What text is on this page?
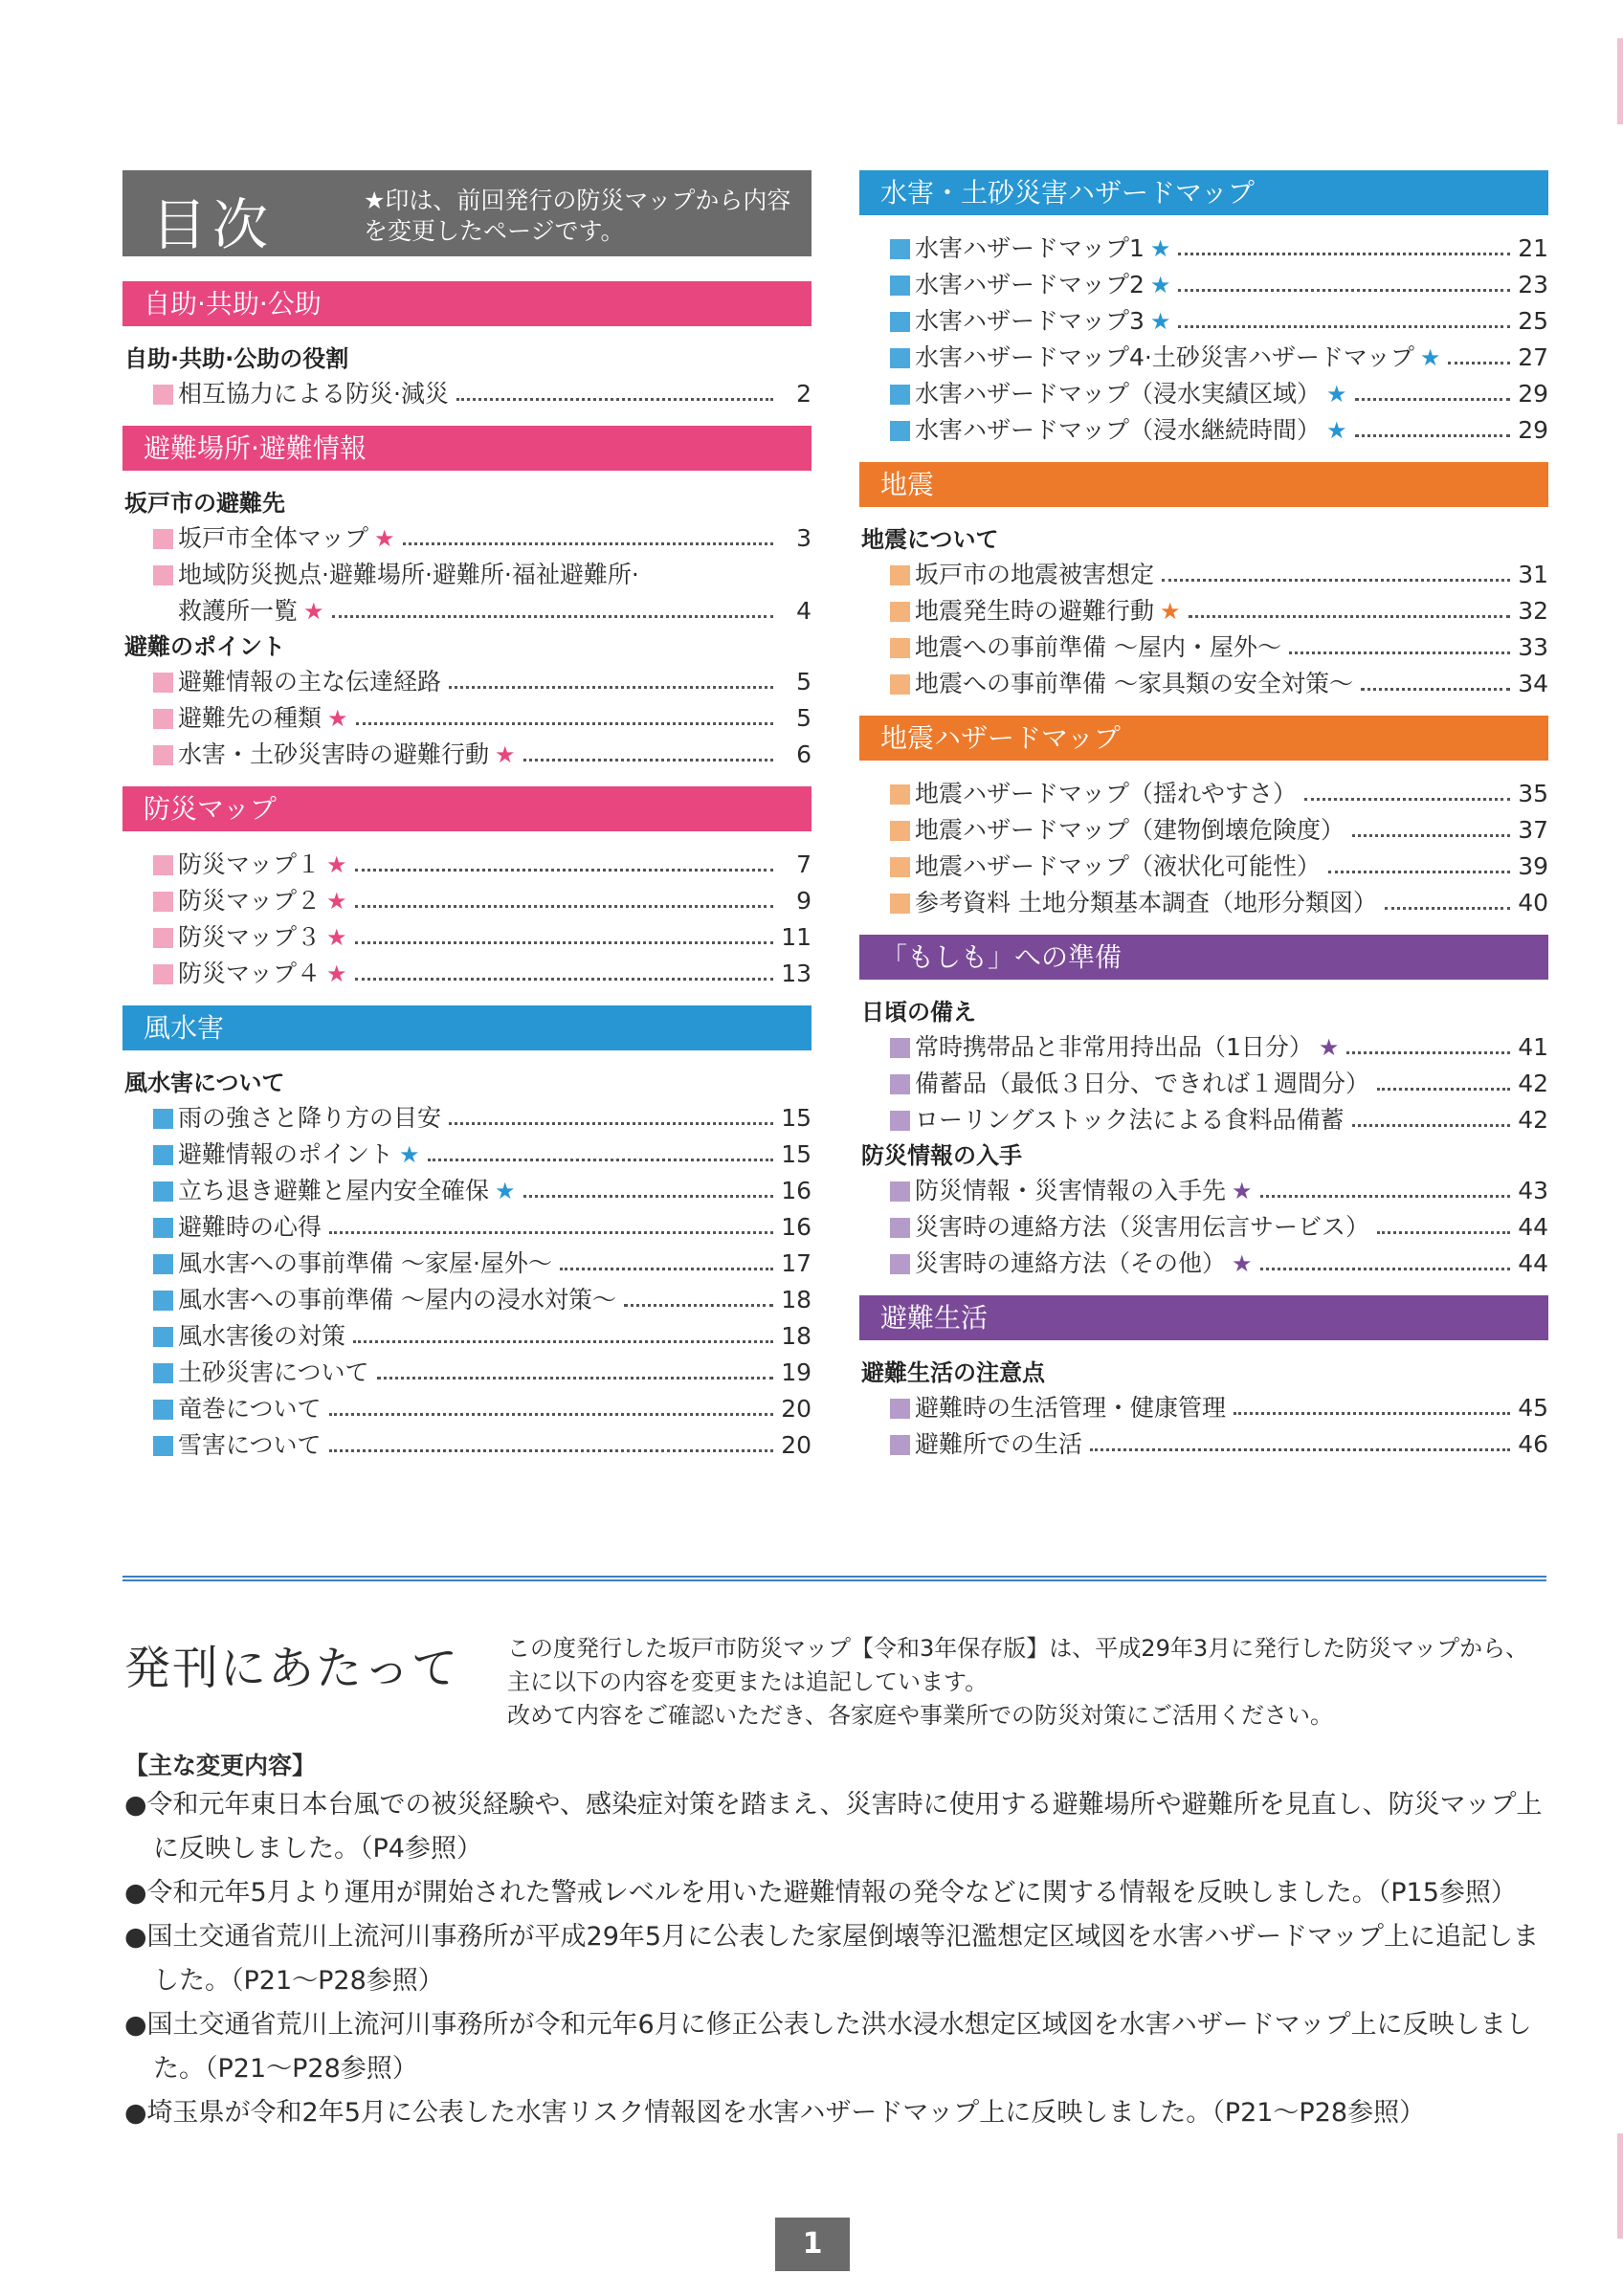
目次	★印は、前回発行の防災マップから内容を変更したページです。
自助·共助·公助
自助·共助·公助の役割
相互協力による防災·減災	2
避難場所·避難情報
坂戸市の避難先
坂戸市全体マップ ★	3
地域防災拠点·避難場所·避難所·福祉避難所·
救護所一覧 ★	4
避難のポイント
避難情報の主な伝達経路	5
避難先の種類 ★	5
水害・土砂災害時の避難行動 ★	6
防災マップ
防災マップ１ ★	7
防災マップ２ ★	9
防災マップ３ ★	11
防災マップ４ ★	13
風水害
風水害について
雨の強さと降り方の目安	15
避難情報のポイント ★	15
立ち退き避難と屋内安全確保 ★	16
避難時の心得	16
風水害への事前準備 ～家屋·屋外～	17
風水害への事前準備 ～屋内の浸水対策～	18
風水害後の対策	18
土砂災害について	19
竜巻について	20
雪害について	20
水害・土砂災害ハザードマップ
水害ハザードマップ1 ★	21
水害ハザードマップ2 ★	23
水害ハザードマップ3 ★	25
水害ハザードマップ4·土砂災害ハザードマップ ★	27
水害ハザードマップ（浸水実績区域） ★	29
水害ハザードマップ（浸水継続時間） ★	29
地震
地震について
坂戸市の地震被害想定	31
地震発生時の避難行動 ★	32
地震への事前準備 ～屋内・屋外～	33
地震への事前準備 ～家具類の安全対策～	34
地震ハザードマップ
地震ハザードマップ（揺れやすさ）	35
地震ハザードマップ（建物倒壊危険度）	37
地震ハザードマップ（液状化可能性）	39
参考資料 土地分類基本調査（地形分類図）	40
「もしも」への準備
日頃の備え
常時携帯品と非常用持出品（1日分） ★	41
備蓄品（最低３日分、できれば１週間分）	42
ローリングストック法による食料品備蓄	42
防災情報の入手
防災情報・災害情報の入手先 ★	43
災害時の連絡方法（災害用伝言サービス）	44
災害時の連絡方法（その他） ★	44
避難生活
避難生活の注意点
避難時の生活管理・健康管理	45
避難所での生活	46
発刊にあたって	この度発行した坂戸市防災マップ【令和3年保存版】は、平成29年3月に発行した防災マップから、主に以下の内容を変更または追記しています。
改めて内容をご確認いただき、各家庭や事業所での防災対策にご活用ください。
【主な変更内容】
●令和元年東日本台風での被災経験や、感染症対策を踏まえ、災害時に使用する避難場所や避難所を見直し、防災マップ上に反映しました。（P4参照）
●令和元年5月より運用が開始された警戒レベルを用いた避難情報の発令などに関する情報を反映しました。（P15参照）
●国土交通省荒川上流河川事務所が平成29年5月に公表した家屋倒壊等氾濫想定区域図を水害ハザードマップ上に追記しました。（P21～P28参照）
●国土交通省荒川上流河川事務所が令和元年6月に修正公表した洪水浸水想定区域図を水害ハザードマップ上に反映しました。（P21～P28参照）
●埼玉県が令和2年5月に公表した水害リスク情報図を水害ハザードマップ上に反映しました。（P21～P28参照）
1
